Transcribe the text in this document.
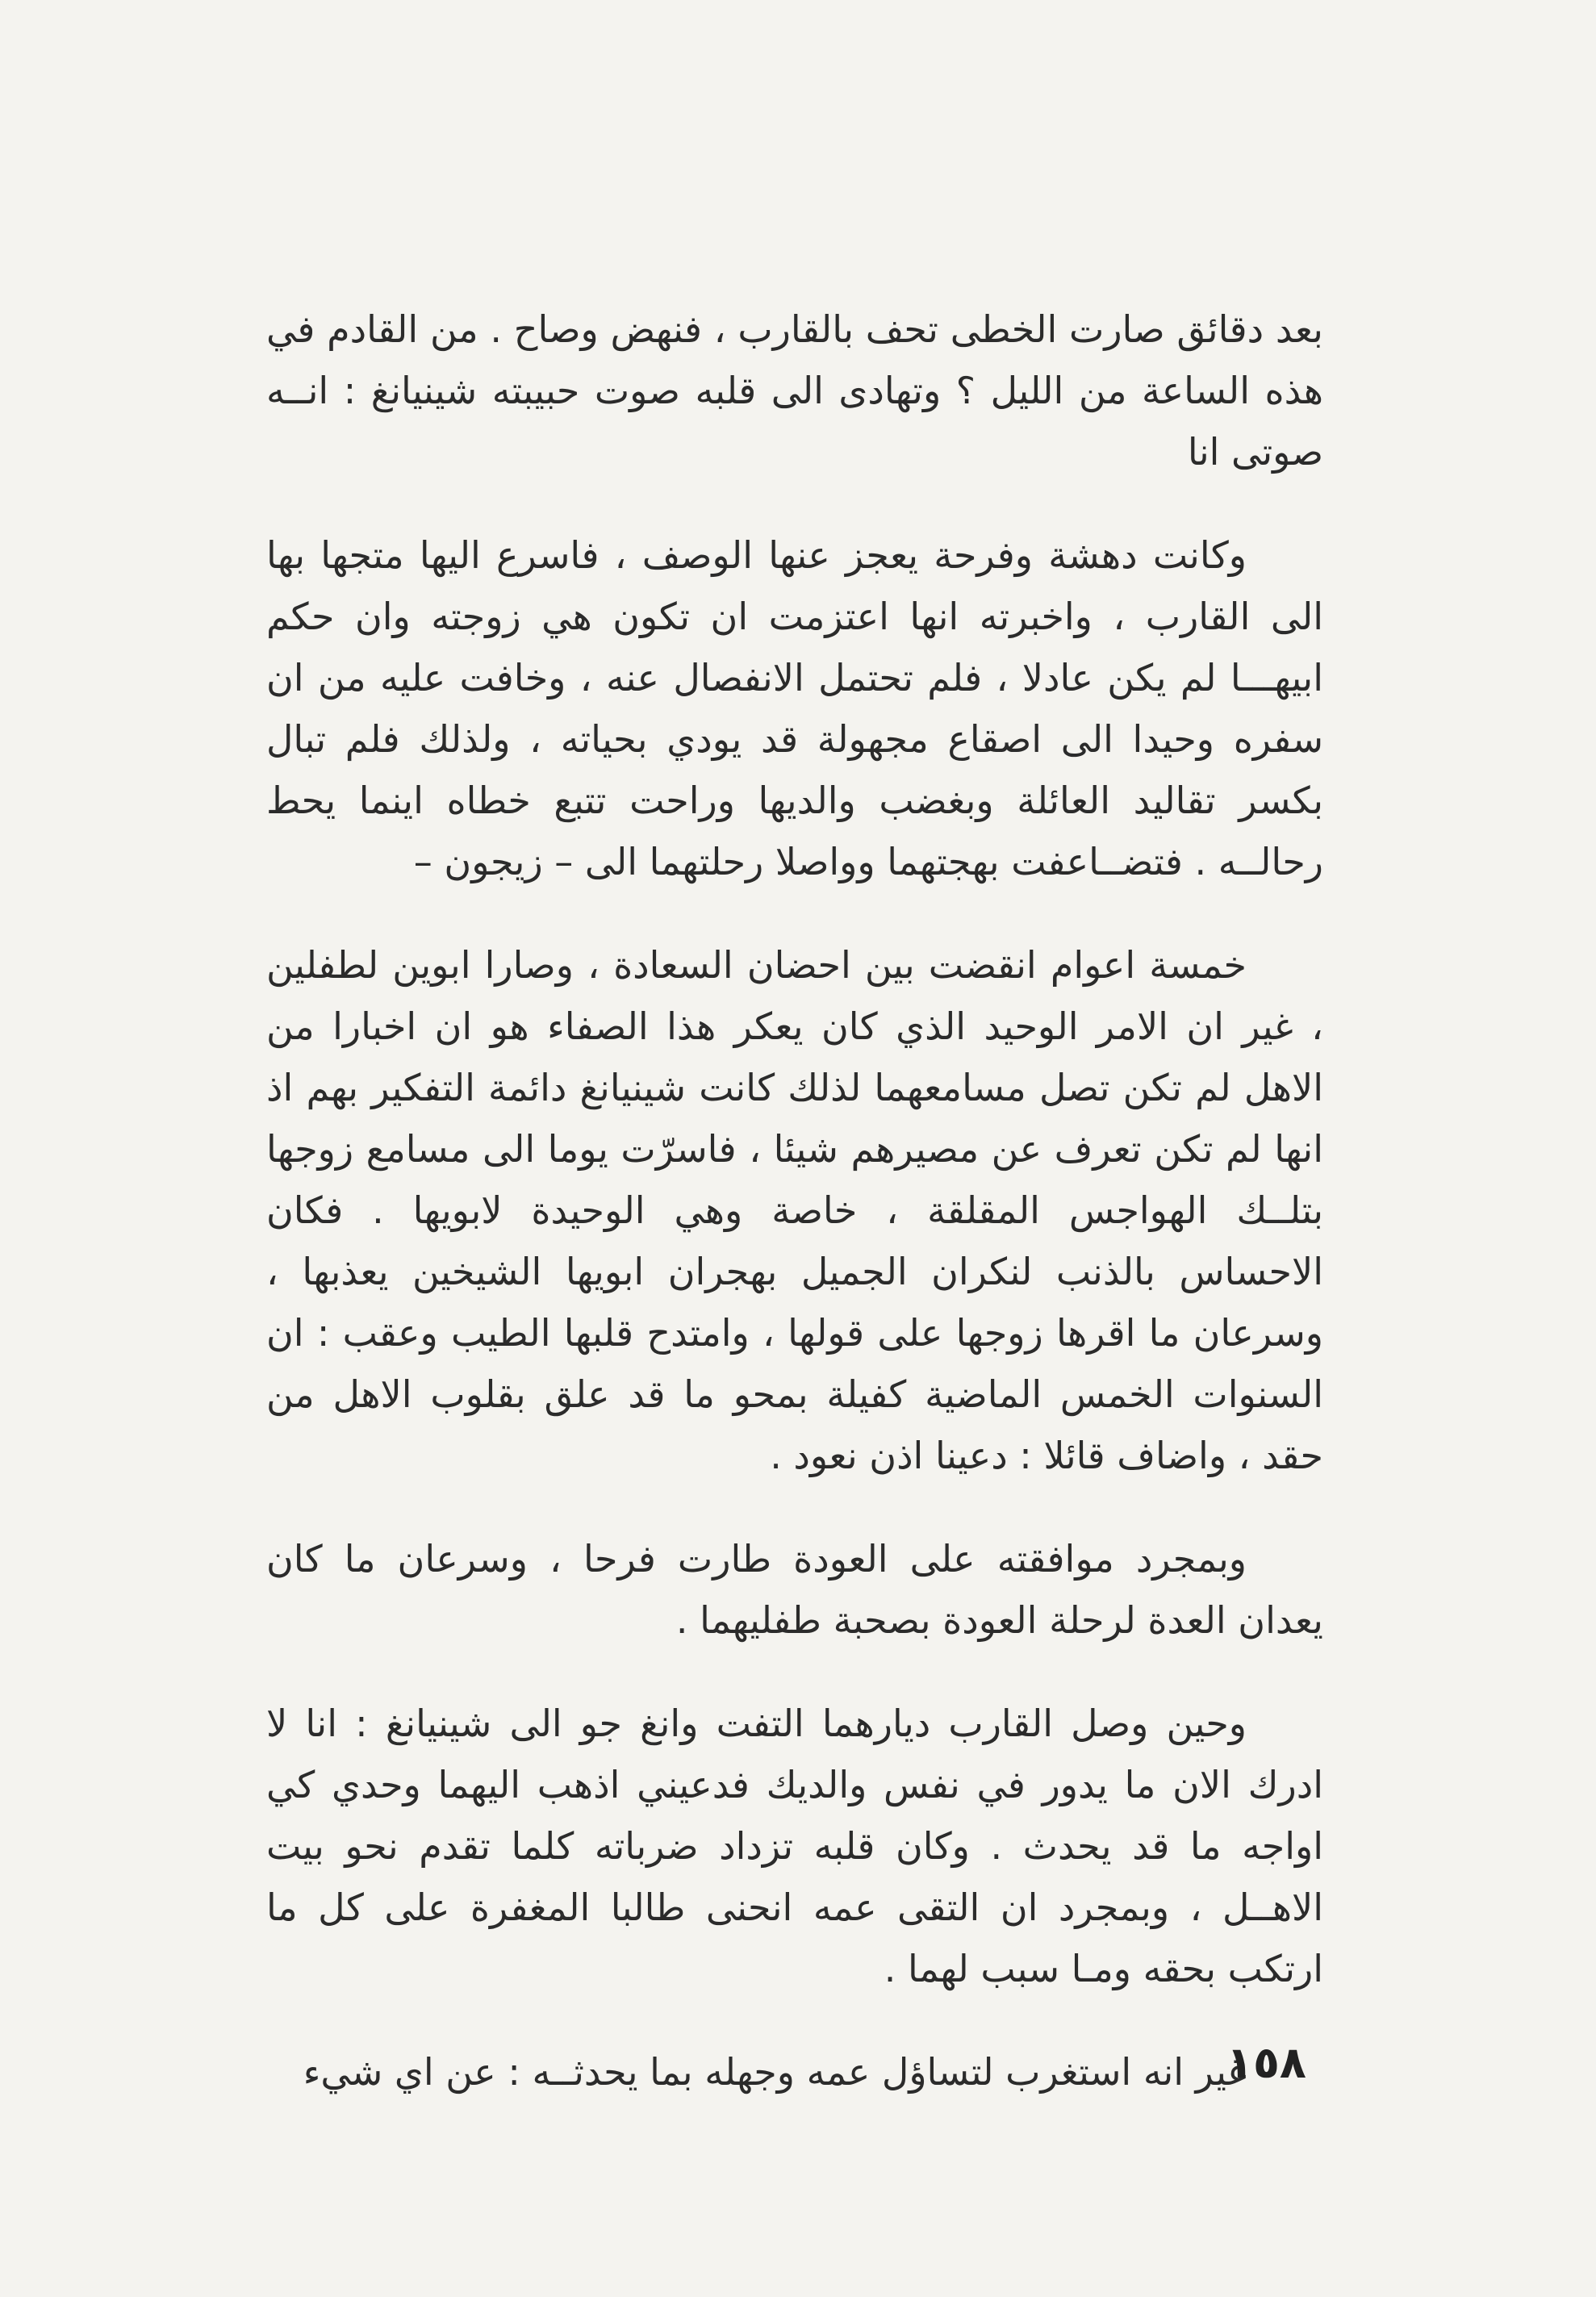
بعد دقائق صارت الخطى تحف بالقارب ، فنهض وصاح . من القادم في هذه الساعة من الليل ؟ وتهادى الى قلبه صوت حبيبته شينيانغ : انــه صوتى انا

وكانت دهشة وفرحة يعجز عنها الوصف ، فاسرع اليها متجها بها الى القارب ، واخبرته انها اعتزمت ان تكون هي زوجته وان حكم ابيهـــا لم يكن عادلا ، فلم تحتمل الانفصال عنه ، وخافت عليه من ان سفره وحيدا الى اصقاع مجهولة قد يودي بحياته ، ولذلك فلم تبال بكسر تقاليد العائلة وبغضب والديها وراحت تتبع خطاه اينما يحط رحالــه . فتضــاعفت بهجتهما وواصلا رحلتهما الى – زيجون –

خمسة اعوام انقضت بين احضان السعادة ، وصارا ابوين لطفلين ، غير ان الامر الوحيد الذي كان يعكر هذا الصفاء هو ان اخبارا من الاهل لم تكن تصل مسامعهما لذلك كانت شينيانغ دائمة التفكير بهم اذ انها لم تكن تعرف عن مصيرهم شيئا ، فاسرّت يوما الى مسامع زوجها بتلــك الهواجس المقلقة ، خاصة وهي الوحيدة لابويها . فكان الاحساس بالذنب لنكران الجميل بهجران ابويها الشيخين يعذبها ، وسرعان ما اقرها زوجها على قولها ، وامتدح قلبها الطيب وعقب : ان السنوات الخمس الماضية كفيلة بمحو ما قد علق بقلوب الاهل من حقد ، واضاف قائلا : دعينا اذن نعود .

وبمجرد موافقته على العودة طارت فرحا ، وسرعان ما كان يعدان العدة لرحلة العودة بصحبة طفليهما .

وحين وصل القارب ديارهما التفت وانغ جو الى شينيانغ : انا لا ادرك الان ما يدور في نفس والديك فدعيني اذهب اليهما وحدي كي اواجه ما قد يحدث . وكان قلبه تزداد ضرباته كلما تقدم نحو بيت الاهــل ، وبمجرد ان التقى عمه انحنى طالبا المغفرة على كل ما ارتكب بحقه ومـا سبب لهما .

غير انه استغرب لتساؤل عمه وجهله بما يحدثــه : عن اي شيء

١٥٨
